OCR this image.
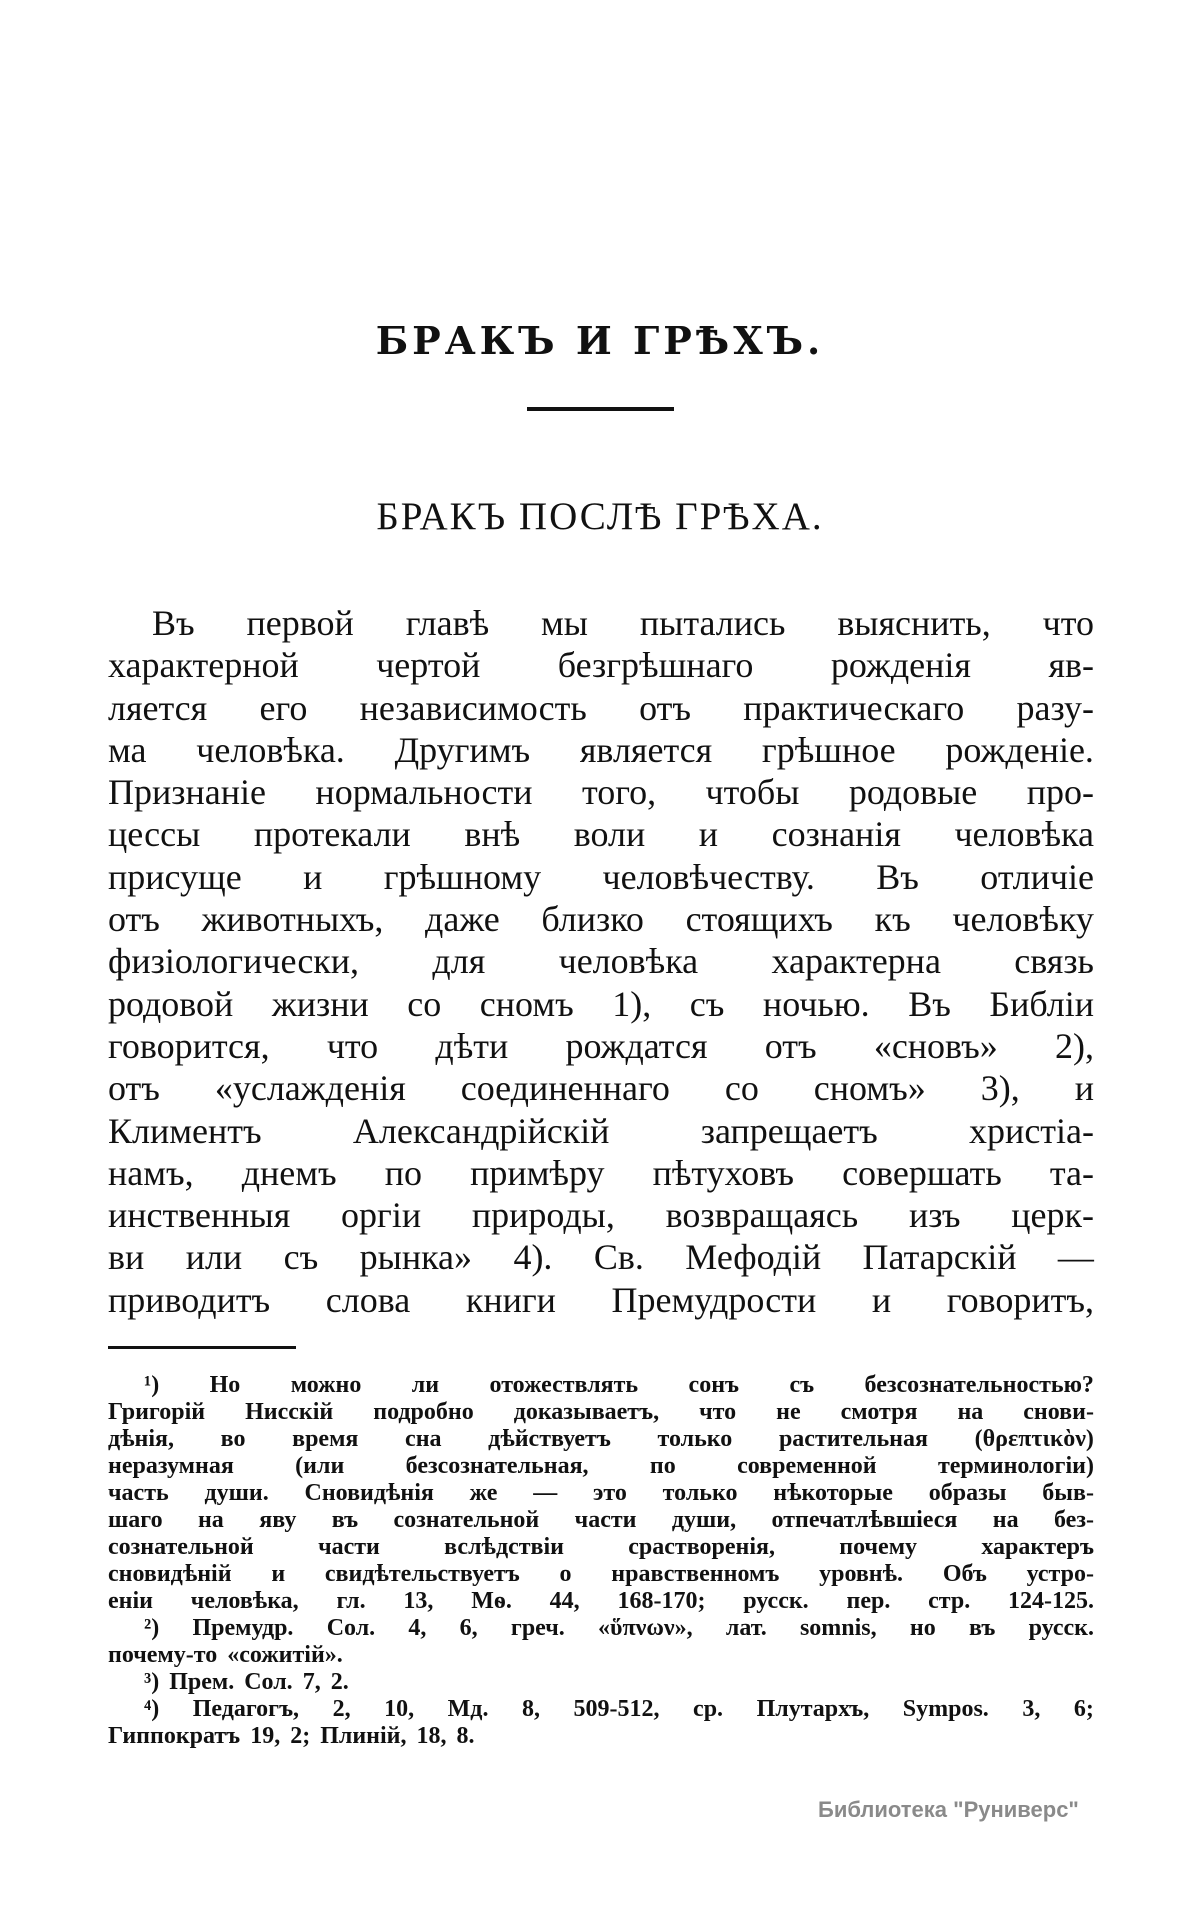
БРАКЪ И ГРѢХЪ.
БРАКЪ ПОСЛѢ ГРѢХА.
Въ первой главѣ мы пытались выяснить, что
характерной чертой безгрѣшнаго рожденія яв-
ляется его независимость отъ практическаго разу-
ма человѣка. Другимъ является грѣшное рожденіе.
Признаніе нормальности того, чтобы родовые про-
цессы протекали внѣ воли и сознанія человѣка
присуще и грѣшному человѣчеству. Въ отличіе
отъ животныхъ, даже близко стоящихъ къ человѣку
физіологически, для человѣка характерна связь
родовой жизни со сномъ 1), съ ночью. Въ Библіи
говорится, что дѣти рождатся отъ «сновъ» 2),
отъ «услажденія соединеннаго со сномъ» 3), и
Климентъ	Александрійскій	запрещаетъ	христіа-
намъ, днемъ по примѣру пѣтуховъ совершать та-
инственныя оргіи природы, возвращаясь изъ церк-
ви или съ рынка» 4). Св. Мефодій Патарскій —
приводитъ слова книги Премудрости и говоритъ,
¹) Но можно ли отожествлять сонъ съ безсознательностью?
Григорій Нисскій подробно доказываетъ, что не смотря на снови-
дѣнія, во время сна дѣйствуетъ только растительная (θρεπτικὸν)
неразумная	(или	безсознательная,	по	современной	терминологіи)
часть души. Сновидѣнія же — это только нѣкоторые образы быв-
шаго на яву въ сознательной части души, отпечатлѣвшіеся на без-
сознательной	части	вслѣдствіи	срастворенія,	почему	характеръ
сновидѣній и свидѣтельствуетъ о нравственномъ уровнѣ. Объ устро-
еніи человѣка, гл. 13, Мѳ. 44, 168-170; русск. пер. стр. 124-125.
²) Премудр. Сол. 4, 6, греч. «ὕπνων», лат. somnis, но въ русск.
почему-то «сожитій».
³) Прем. Сол. 7, 2.
⁴) Педагогъ, 2, 10, Мд. 8, 509-512, ср. Плутархъ, Sympos. 3, 6;
Гиппократъ 19, 2; Плиній, 18, 8.
Библиотека "Руниверс"
